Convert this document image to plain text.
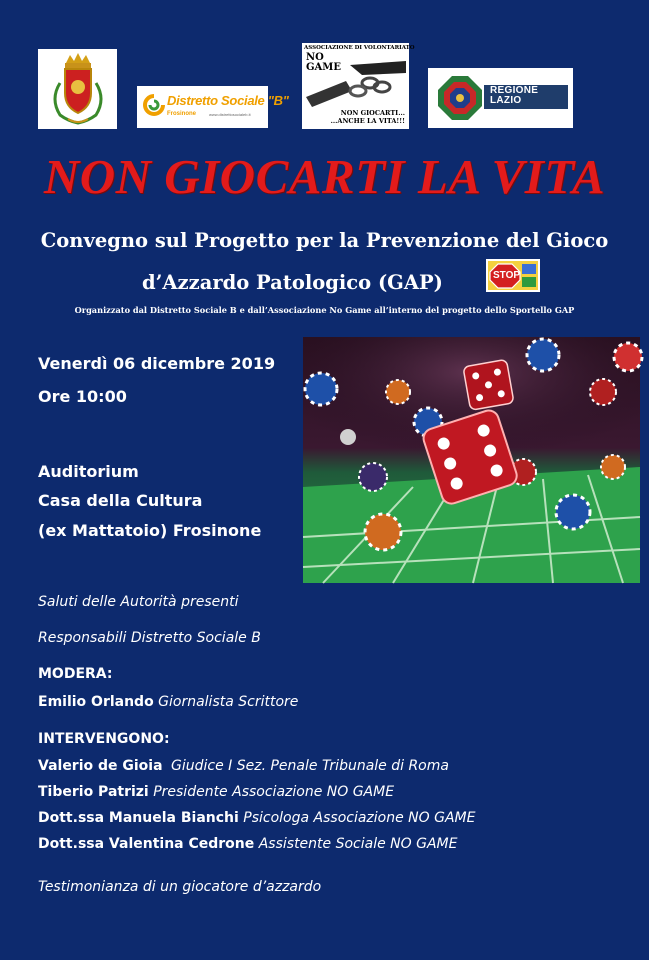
Distretto Sociale "B"
Frosinone	www.distrettosocialeb.it
ASSOCIAZIONE DI VOLONTARIATO
NO
GAME
NON GIOCARTI...
...ANCHE LA VITA!!!
REGIONE
LAZIO
NON GIOCARTI LA VITA
Convegno sul Progetto per la Prevenzione del Gioco
d’Azzardo Patologico (GAP)	STOP
Organizzato dal Distretto Sociale B e dall’Associazione No Game all’interno del progetto dello Sportello GAP
Venerdì 06 dicembre 2019
Ore 10:00
Auditorium
Casa della Cultura
(ex Mattatoio) Frosinone
Saluti delle Autorità presenti
Responsabili Distretto Sociale B
MODERA:
Emilio Orlando Giornalista Scrittore
INTERVENGONO:
Valerio de Gioia Giudice I Sez. Penale Tribunale di Roma
Tiberio Patrizi Presidente Associazione NO GAME
Dott.ssa Manuela Bianchi Psicologa Associazione NO GAME
Dott.ssa Valentina Cedrone Assistente Sociale NO GAME
Testimonianza di un giocatore d’azzardo
